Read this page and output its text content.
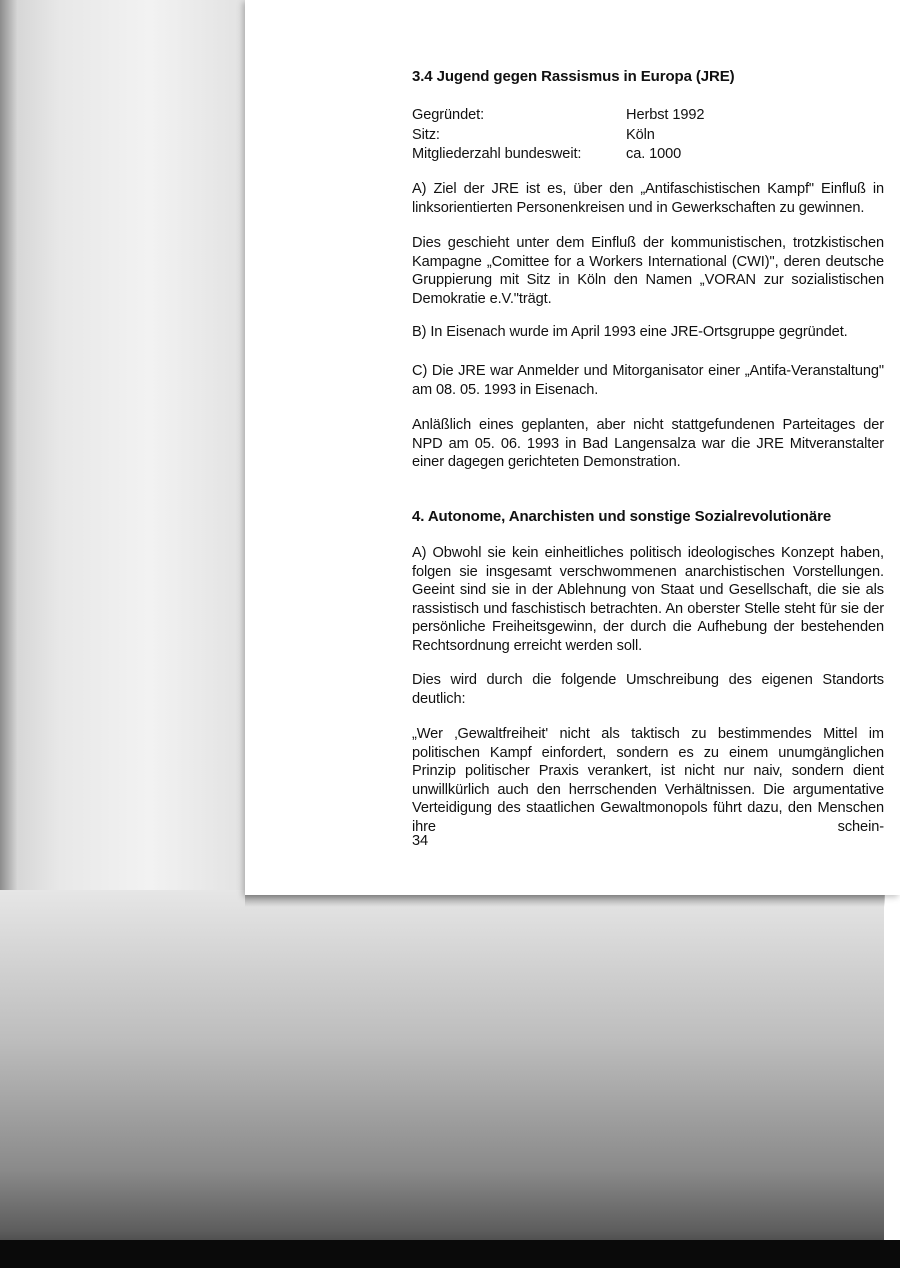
3.4 Jugend gegen Rassismus in Europa (JRE)
Gegründet:	Herbst 1992
Sitz:	Köln
Mitgliederzahl bundesweit:	ca. 1000

A) Ziel der JRE ist es, über den „Antifaschistischen Kampf" Einfluß in linksorientierten Personenkreisen und in Gewerkschaften zu gewinnen.

Dies geschieht unter dem Einfluß der kommunistischen, trotzkistischen Kampagne „Comittee for a Workers International (CWI)", deren deutsche Gruppierung mit Sitz in Köln den Namen „VORAN zur sozialistischen Demokratie e.V."trägt.

B) In Eisenach wurde im April 1993 eine JRE-Ortsgruppe gegründet.

C) Die JRE war Anmelder und Mitorganisator einer „Antifa-Veranstaltung" am 08. 05. 1993 in Eisenach.

Anläßlich eines geplanten, aber nicht stattgefundenen Parteitages der NPD am 05. 06. 1993 in Bad Langensalza war die JRE Mitveranstalter einer dagegen gerichteten Demonstration.

4. Autonome, Anarchisten und sonstige Sozialrevolutionäre

A) Obwohl sie kein einheitliches politisch ideologisches Konzept haben, folgen sie insgesamt verschwommenen anarchistischen Vorstellungen. Geeint sind sie in der Ablehnung von Staat und Gesellschaft, die sie als rassistisch und faschistisch betrachten. An oberster Stelle steht für sie der persönliche Freiheitsgewinn, der durch die Aufhebung der bestehenden Rechtsordnung erreicht werden soll.

Dies wird durch die folgende Umschreibung des eigenen Standorts deutlich:

„Wer ‚Gewaltfreiheit' nicht als taktisch zu bestimmendes Mittel im politischen Kampf einfordert, sondern es zu einem unumgänglichen Prinzip politischer Praxis verankert, ist nicht nur naiv, sondern dient unwillkürlich auch den herrschenden Verhältnissen. Die argumentative Verteidigung des staatlichen Gewaltmonopols führt dazu, den Menschen ihre schein-

34
